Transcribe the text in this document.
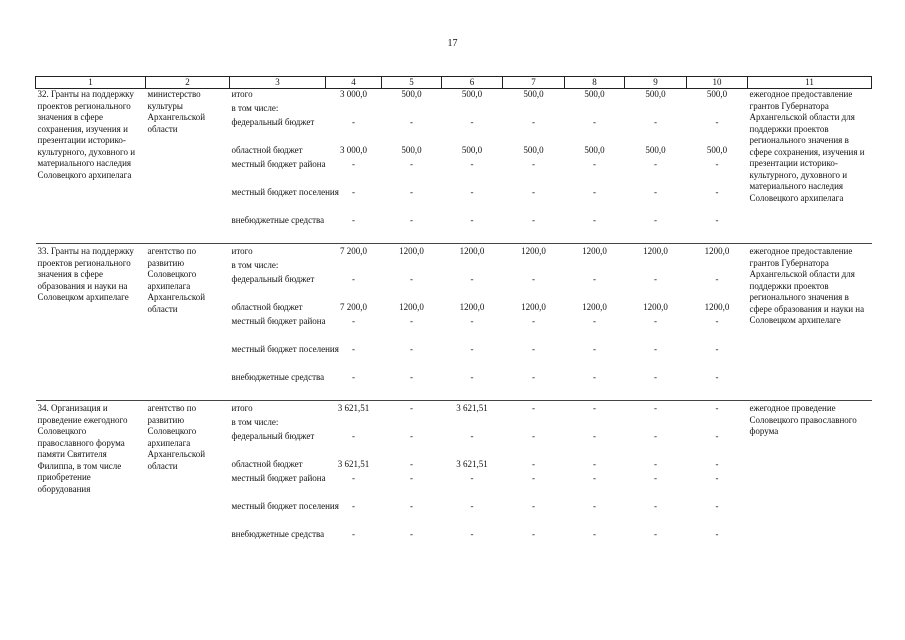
17
1	2	3	4	5	6	7	8	9	10	11
32. Гранты на поддержку проектов регионального значения в сфере сохранения, изучения и презентации историко-культурного, духовного и материального наследия Соловецкого архипелага	министерство культуры Архангельской области	итого	3 000,0	500,0	500,0	500,0	500,0	500,0	500,0	ежегодное предоставление грантов Губернатора Архангельской области для поддержки проектов регионального значения в сфере сохранения, изучения и презентации историко-культурного, духовного и материального наследия Соловецкого архипелага
		в том числе:								
		федеральный бюджет	-	-	-	-	-	-	-	
		областной бюджет	3 000,0	500,0	500,0	500,0	500,0	500,0	500,0	
		местный бюджет района	-	-	-	-	-	-	-	
		местный бюджет поселения	-	-	-	-	-	-	-	
		внебюджетные средства	-	-	-	-	-	-	-	

33. Гранты на поддержку проектов регионального значения в сфере образования и науки на Соловецком архипелаге	агентство по развитию Соловецкого архипелага Архангельской области	итого	7 200,0	1200,0	1200,0	1200,0	1200,0	1200,0	1200,0	ежегодное предоставление грантов Губернатора Архангельской области для поддержки проектов регионального значения в сфере образования и науки на Соловецком архипелаге
		в том числе:								
		федеральный бюджет	-	-	-	-	-	-	-	
		областной бюджет	7 200,0	1200,0	1200,0	1200,0	1200,0	1200,0	1200,0	
		местный бюджет района	-	-	-	-	-	-	-	
		местный бюджет поселения	-	-	-	-	-	-	-	
		внебюджетные средства	-	-	-	-	-	-	-	

34. Организация и проведение ежегодного Соловецкого православного форума памяти Святителя Филиппа, в том числе приобретение оборудования	агентство по развитию Соловецкого архипелага Архангельской области	итого	3 621,51	-	3 621,51	-	-	-	-	ежегодное проведение Соловецкого православного форума
		в том числе:								
		федеральный бюджет	-	-	-	-	-	-	-	
		областной бюджет	3 621,51	-	3 621,51	-	-	-	-	
		местный бюджет района	-	-	-	-	-	-	-	
		местный бюджет поселения	-	-	-	-	-	-	-	
		внебюджетные средства	-	-	-	-	-	-	-	
